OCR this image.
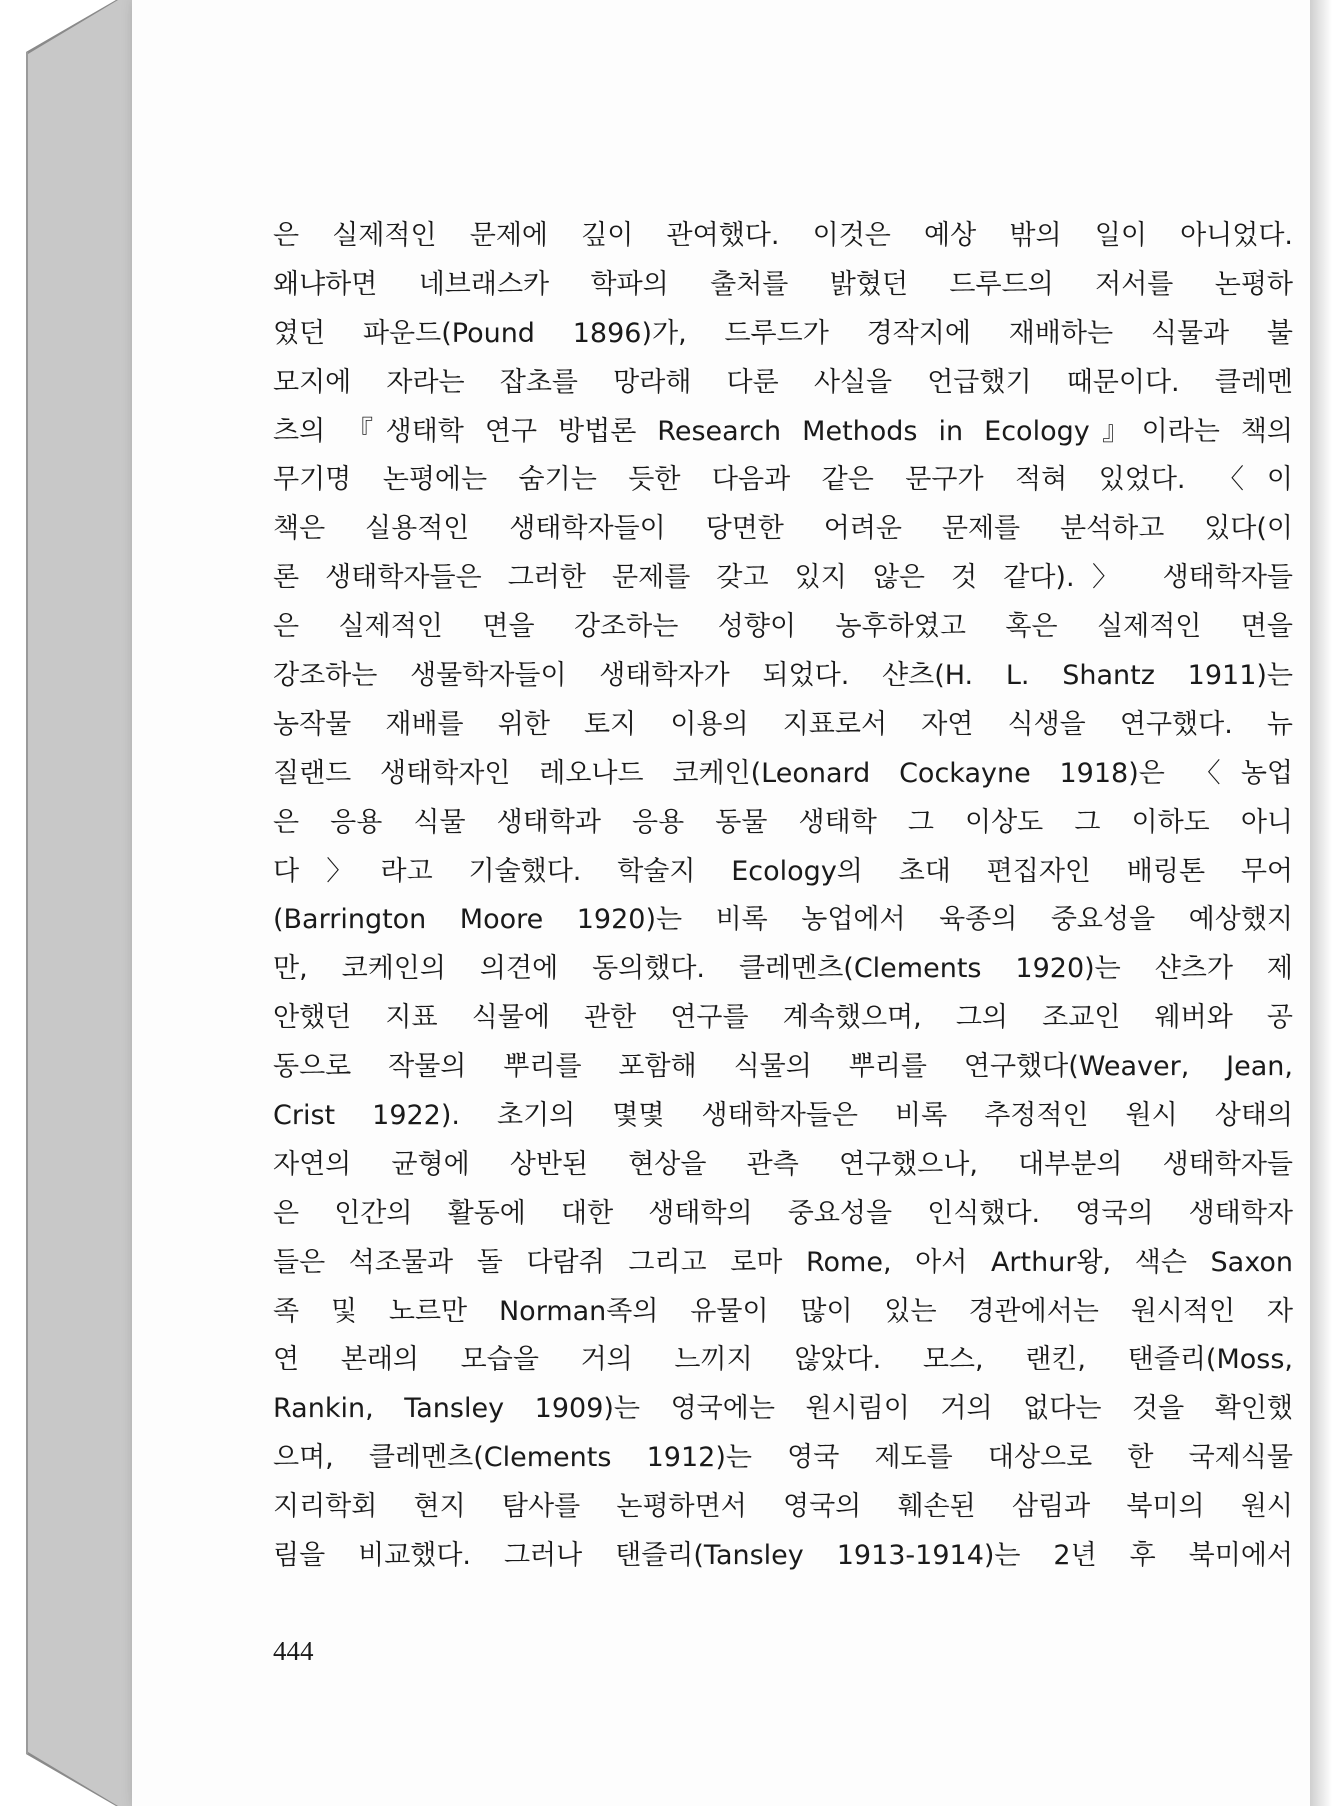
은 실제적인 문제에 깊이 관여했다. 이것은 예상 밖의 일이 아니었다.
왜냐하면 네브래스카 학파의 출처를 밝혔던 드루드의 저서를 논평하
였던 파운드(Pound 1896)가, 드루드가 경작지에 재배하는 식물과 불
모지에 자라는 잡초를 망라해 다룬 사실을 언급했기 때문이다. 클레멘
츠의 『생태학 연구 방법론 Research Methods in Ecology』이라는 책의
무기명 논평에는 숨기는 듯한 다음과 같은 문구가 적혀 있었다. 〈이
책은 실용적인 생태학자들이 당면한 어려운 문제를 분석하고 있다(이
론 생태학자들은 그러한 문제를 갖고 있지 않은 것 같다).〉 생태학자들
은 실제적인 면을 강조하는 성향이 농후하였고 혹은 실제적인 면을
강조하는 생물학자들이 생태학자가 되었다. 샨츠(H. L. Shantz 1911)는
농작물 재배를 위한 토지 이용의 지표로서 자연 식생을 연구했다. 뉴
질랜드 생태학자인 레오나드 코케인(Leonard Cockayne 1918)은 〈농업
은 응용 식물 생태학과 응용 동물 생태학 그 이상도 그 이하도 아니
다〉라고 기술했다. 학술지 Ecology의 초대 편집자인 배링톤 무어
(Barrington Moore 1920)는 비록 농업에서 육종의 중요성을 예상했지
만, 코케인의 의견에 동의했다. 클레멘츠(Clements 1920)는 샨츠가 제
안했던 지표 식물에 관한 연구를 계속했으며, 그의 조교인 웨버와 공
동으로 작물의 뿌리를 포함해 식물의 뿌리를 연구했다(Weaver, Jean,
Crist 1922). 초기의 몇몇 생태학자들은 비록 추정적인 원시 상태의
자연의 균형에 상반된 현상을 관측 연구했으나, 대부분의 생태학자들
은 인간의 활동에 대한 생태학의 중요성을 인식했다. 영국의 생태학자
들은 석조물과 돌 다람쥐 그리고 로마 Rome, 아서 Arthur왕, 색슨 Saxon
족 및 노르만 Norman족의 유물이 많이 있는 경관에서는 원시적인 자
연 본래의 모습을 거의 느끼지 않았다. 모스, 랜킨, 탠즐리(Moss,
Rankin, Tansley 1909)는 영국에는 원시림이 거의 없다는 것을 확인했
으며, 클레멘츠(Clements 1912)는 영국 제도를 대상으로 한 국제식물
지리학회 현지 탐사를 논평하면서 영국의 훼손된 삼림과 북미의 원시
림을 비교했다. 그러나 탠즐리(Tansley 1913-1914)는 2년 후 북미에서
444
